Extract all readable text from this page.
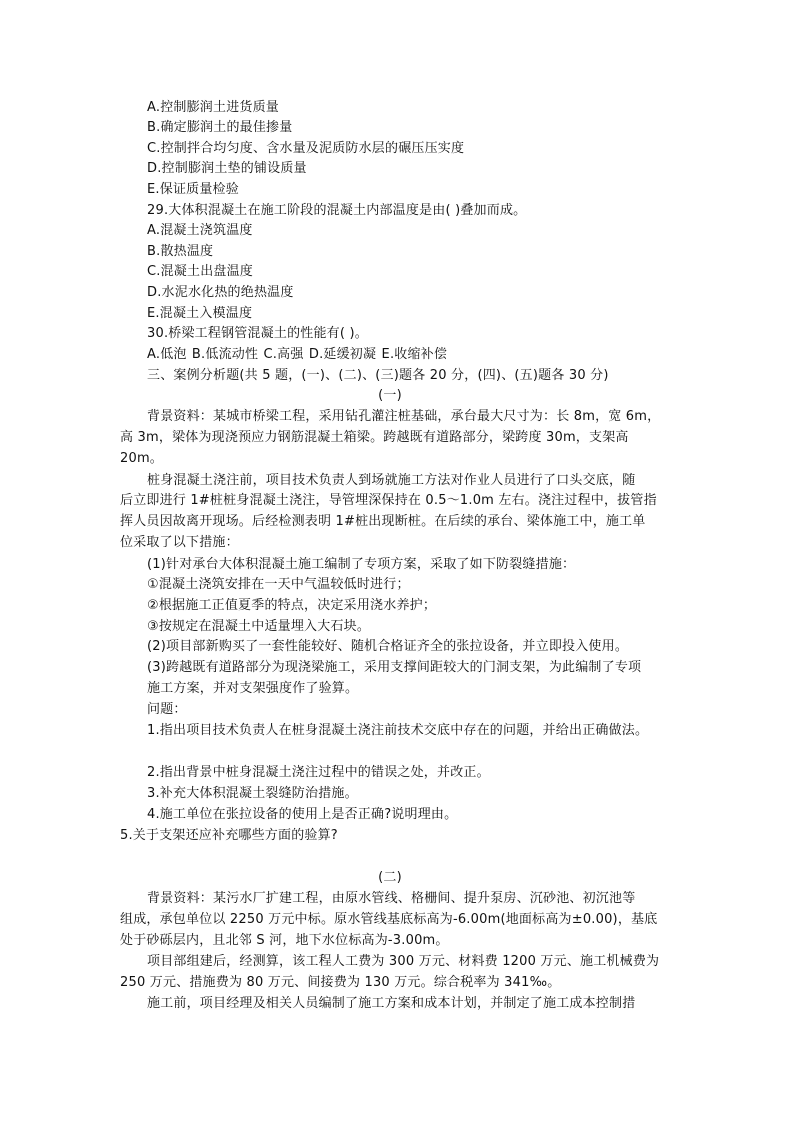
A.控制膨润土进货质量
B.确定膨润土的最佳掺量
C.控制拌合均匀度、含水量及泥质防水层的碾压压实度
D.控制膨润土垫的铺设质量
E.保证质量检验
29.大体积混凝土在施工阶段的混凝土内部温度是由( )叠加而成。
A.混凝土浇筑温度
B.散热温度
C.混凝土出盘温度
D.水泥水化热的绝热温度
E.混凝土入模温度
30.桥梁工程钢管混凝土的性能有( )。
A.低泡 B.低流动性 C.高强 D.延缓初凝 E.收缩补偿
三、案例分析题(共 5 题，(一)、(二)、(三)题各 20 分，(四)、(五)题各 30 分)
(一)
背景资料：某城市桥梁工程，采用钻孔灌注桩基础，承台最大尺寸为：长 8m，宽 6m，
高 3m，梁体为现浇预应力钢筋混凝土箱梁。跨越既有道路部分，梁跨度 30m，支架高
20m。
桩身混凝土浇注前，项目技术负责人到场就施工方法对作业人员进行了口头交底，随
后立即进行 1#桩桩身混凝土浇注，导管埋深保持在 0.5～1.0m 左右。浇注过程中，拔管指
挥人员因故离开现场。后经检测表明 1#桩出现断桩。在后续的承台、梁体施工中，施工单
位采取了以下措施：
(1)针对承台大体积混凝土施工编制了专项方案，采取了如下防裂缝措施：
①混凝土浇筑安排在一天中气温较低时进行；
②根据施工正值夏季的特点，决定采用浇水养护；
③按规定在混凝土中适量埋入大石块。
(2)项目部新购买了一套性能较好、随机合格证齐全的张拉设备，并立即投入使用。
(3)跨越既有道路部分为现浇梁施工，采用支撑间距较大的门洞支架，为此编制了专项
施工方案，并对支架强度作了验算。
问题：
1.指出项目技术负责人在桩身混凝土浇注前技术交底中存在的问题，并给出正确做法。
2.指出背景中桩身混凝土浇注过程中的错误之处，并改正。
3.补充大体积混凝土裂缝防治措施。
4.施工单位在张拉设备的使用上是否正确?说明理由。
5.关于支架还应补充哪些方面的验算?
(二)
背景资料：某污水厂扩建工程，由原水管线、格栅间、提升泵房、沉砂池、初沉池等
组成，承包单位以 2250 万元中标。原水管线基底标高为-6.00m(地面标高为±0.00)，基底
处于砂砾层内，且北邻 S 河，地下水位标高为-3.00m。
项目部组建后，经测算，该工程人工费为 300 万元、材料费 1200 万元、施工机械费为
250 万元、措施费为 80 万元、间接费为 130 万元。综合税率为 341‰。
施工前，项目经理及相关人员编制了施工方案和成本计划，并制定了施工成本控制措
